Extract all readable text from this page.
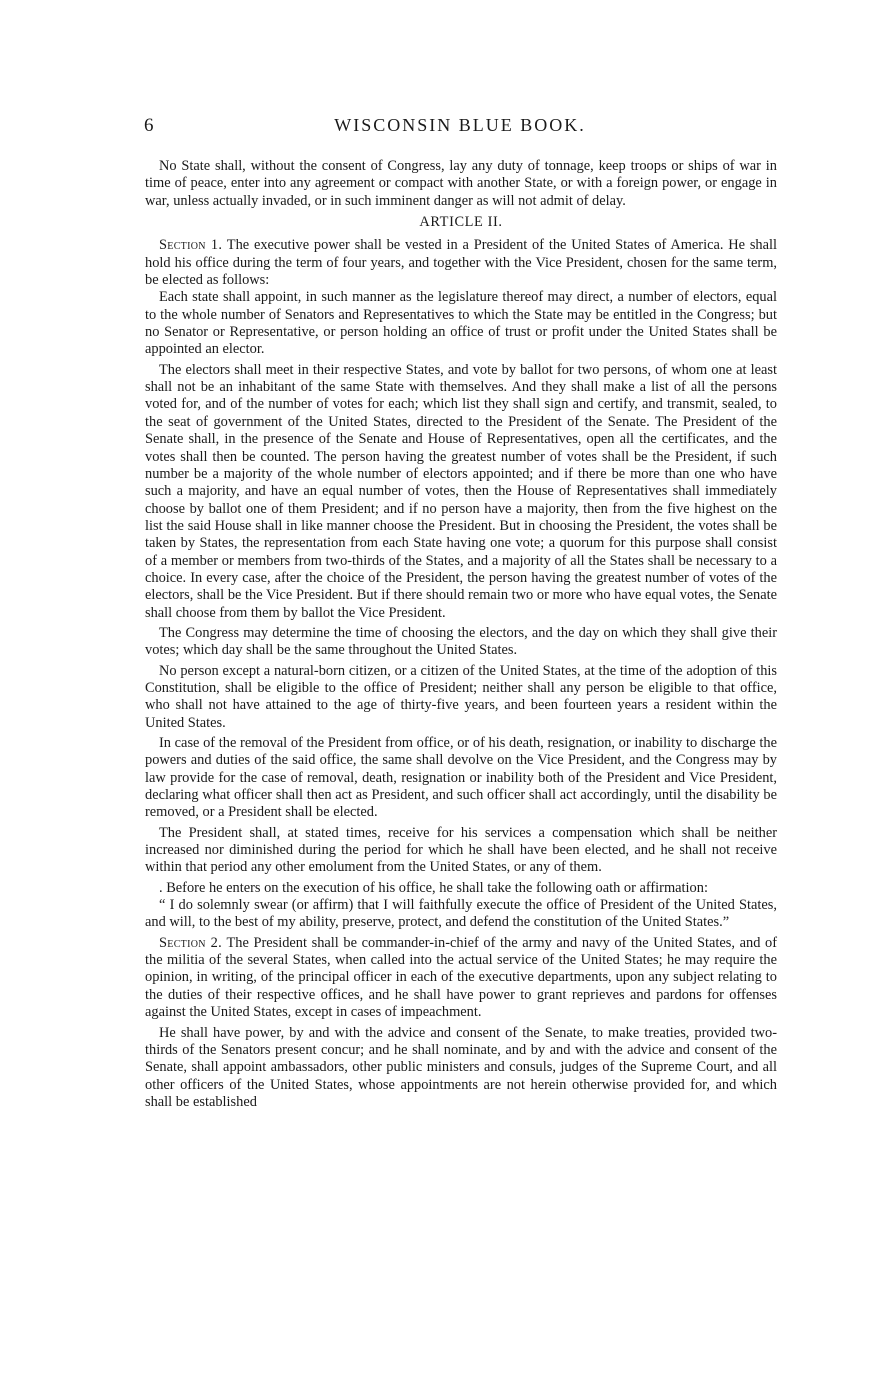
6	WISCONSIN BLUE BOOK.

No State shall, without the consent of Congress, lay any duty of tonnage, keep troops or ships of war in time of peace, enter into any agreement or compact with another State, or with a foreign power, or engage in war, unless actually invaded, or in such imminent danger as will not admit of delay.

ARTICLE II.

Section 1. The executive power shall be vested in a President of the United States of America. He shall hold his office during the term of four years, and together with the Vice President, chosen for the same term, be elected as follows:

Each state shall appoint, in such manner as the legislature thereof may direct, a number of electors, equal to the whole number of Senators and Representatives to which the State may be entitled in the Congress; but no Senator or Representative, or person holding an office of trust or profit under the United States shall be appointed an elector.

The electors shall meet in their respective States, and vote by ballot for two persons, of whom one at least shall not be an inhabitant of the same State with themselves. And they shall make a list of all the persons voted for, and of the number of votes for each; which list they shall sign and certify, and transmit, sealed, to the seat of government of the United States, directed to the President of the Senate. The President of the Senate shall, in the presence of the Senate and House of Representatives, open all the certificates, and the votes shall then be counted. The person having the greatest number of votes shall be the President, if such number be a majority of the whole number of electors appointed; and if there be more than one who have such a majority, and have an equal number of votes, then the House of Representatives shall immediately choose by ballot one of them President; and if no person have a majority, then from the five highest on the list the said House shall in like manner choose the President. But in choosing the President, the votes shall be taken by States, the representation from each State having one vote; a quorum for this purpose shall consist of a member or members from two-thirds of the States, and a majority of all the States shall be necessary to a choice. In every case, after the choice of the President, the person having the greatest number of votes of the electors, shall be the Vice President. But if there should remain two or more who have equal votes, the Senate shall choose from them by ballot the Vice President.

The Congress may determine the time of choosing the electors, and the day on which they shall give their votes; which day shall be the same throughout the United States.

No person except a natural-born citizen, or a citizen of the United States, at the time of the adoption of this Constitution, shall be eligible to the office of President; neither shall any person be eligible to that office, who shall not have attained to the age of thirty-five years, and been fourteen years a resident within the United States.

In case of the removal of the President from office, or of his death, resignation, or inability to discharge the powers and duties of the said office, the same shall devolve on the Vice President, and the Congress may by law provide for the case of removal, death, resignation or inability both of the President and Vice President, declaring what officer shall then act as President, and such officer shall act accordingly, until the disability be removed, or a President shall be elected.

The President shall, at stated times, receive for his services a compensation which shall be neither increased nor diminished during the period for which he shall have been elected, and he shall not receive within that period any other emolument from the United States, or any of them.

. Before he enters on the execution of his office, he shall take the following oath or affirmation:

“ I do solemnly swear (or affirm) that I will faithfully execute the office of President of the United States, and will, to the best of my ability, preserve, protect, and defend the constitution of the United States.”

Section 2. The President shall be commander-in-chief of the army and navy of the United States, and of the militia of the several States, when called into the actual service of the United States; he may require the opinion, in writing, of the principal officer in each of the executive departments, upon any subject relating to the duties of their respective offices, and he shall have power to grant reprieves and pardons for offenses against the United States, except in cases of impeachment.

He shall have power, by and with the advice and consent of the Senate, to make treaties, provided two-thirds of the Senators present concur; and he shall nominate, and by and with the advice and consent of the Senate, shall appoint ambassadors, other public ministers and consuls, judges of the Supreme Court, and all other officers of the United States, whose appointments are not herein otherwise provided for, and which shall be established
